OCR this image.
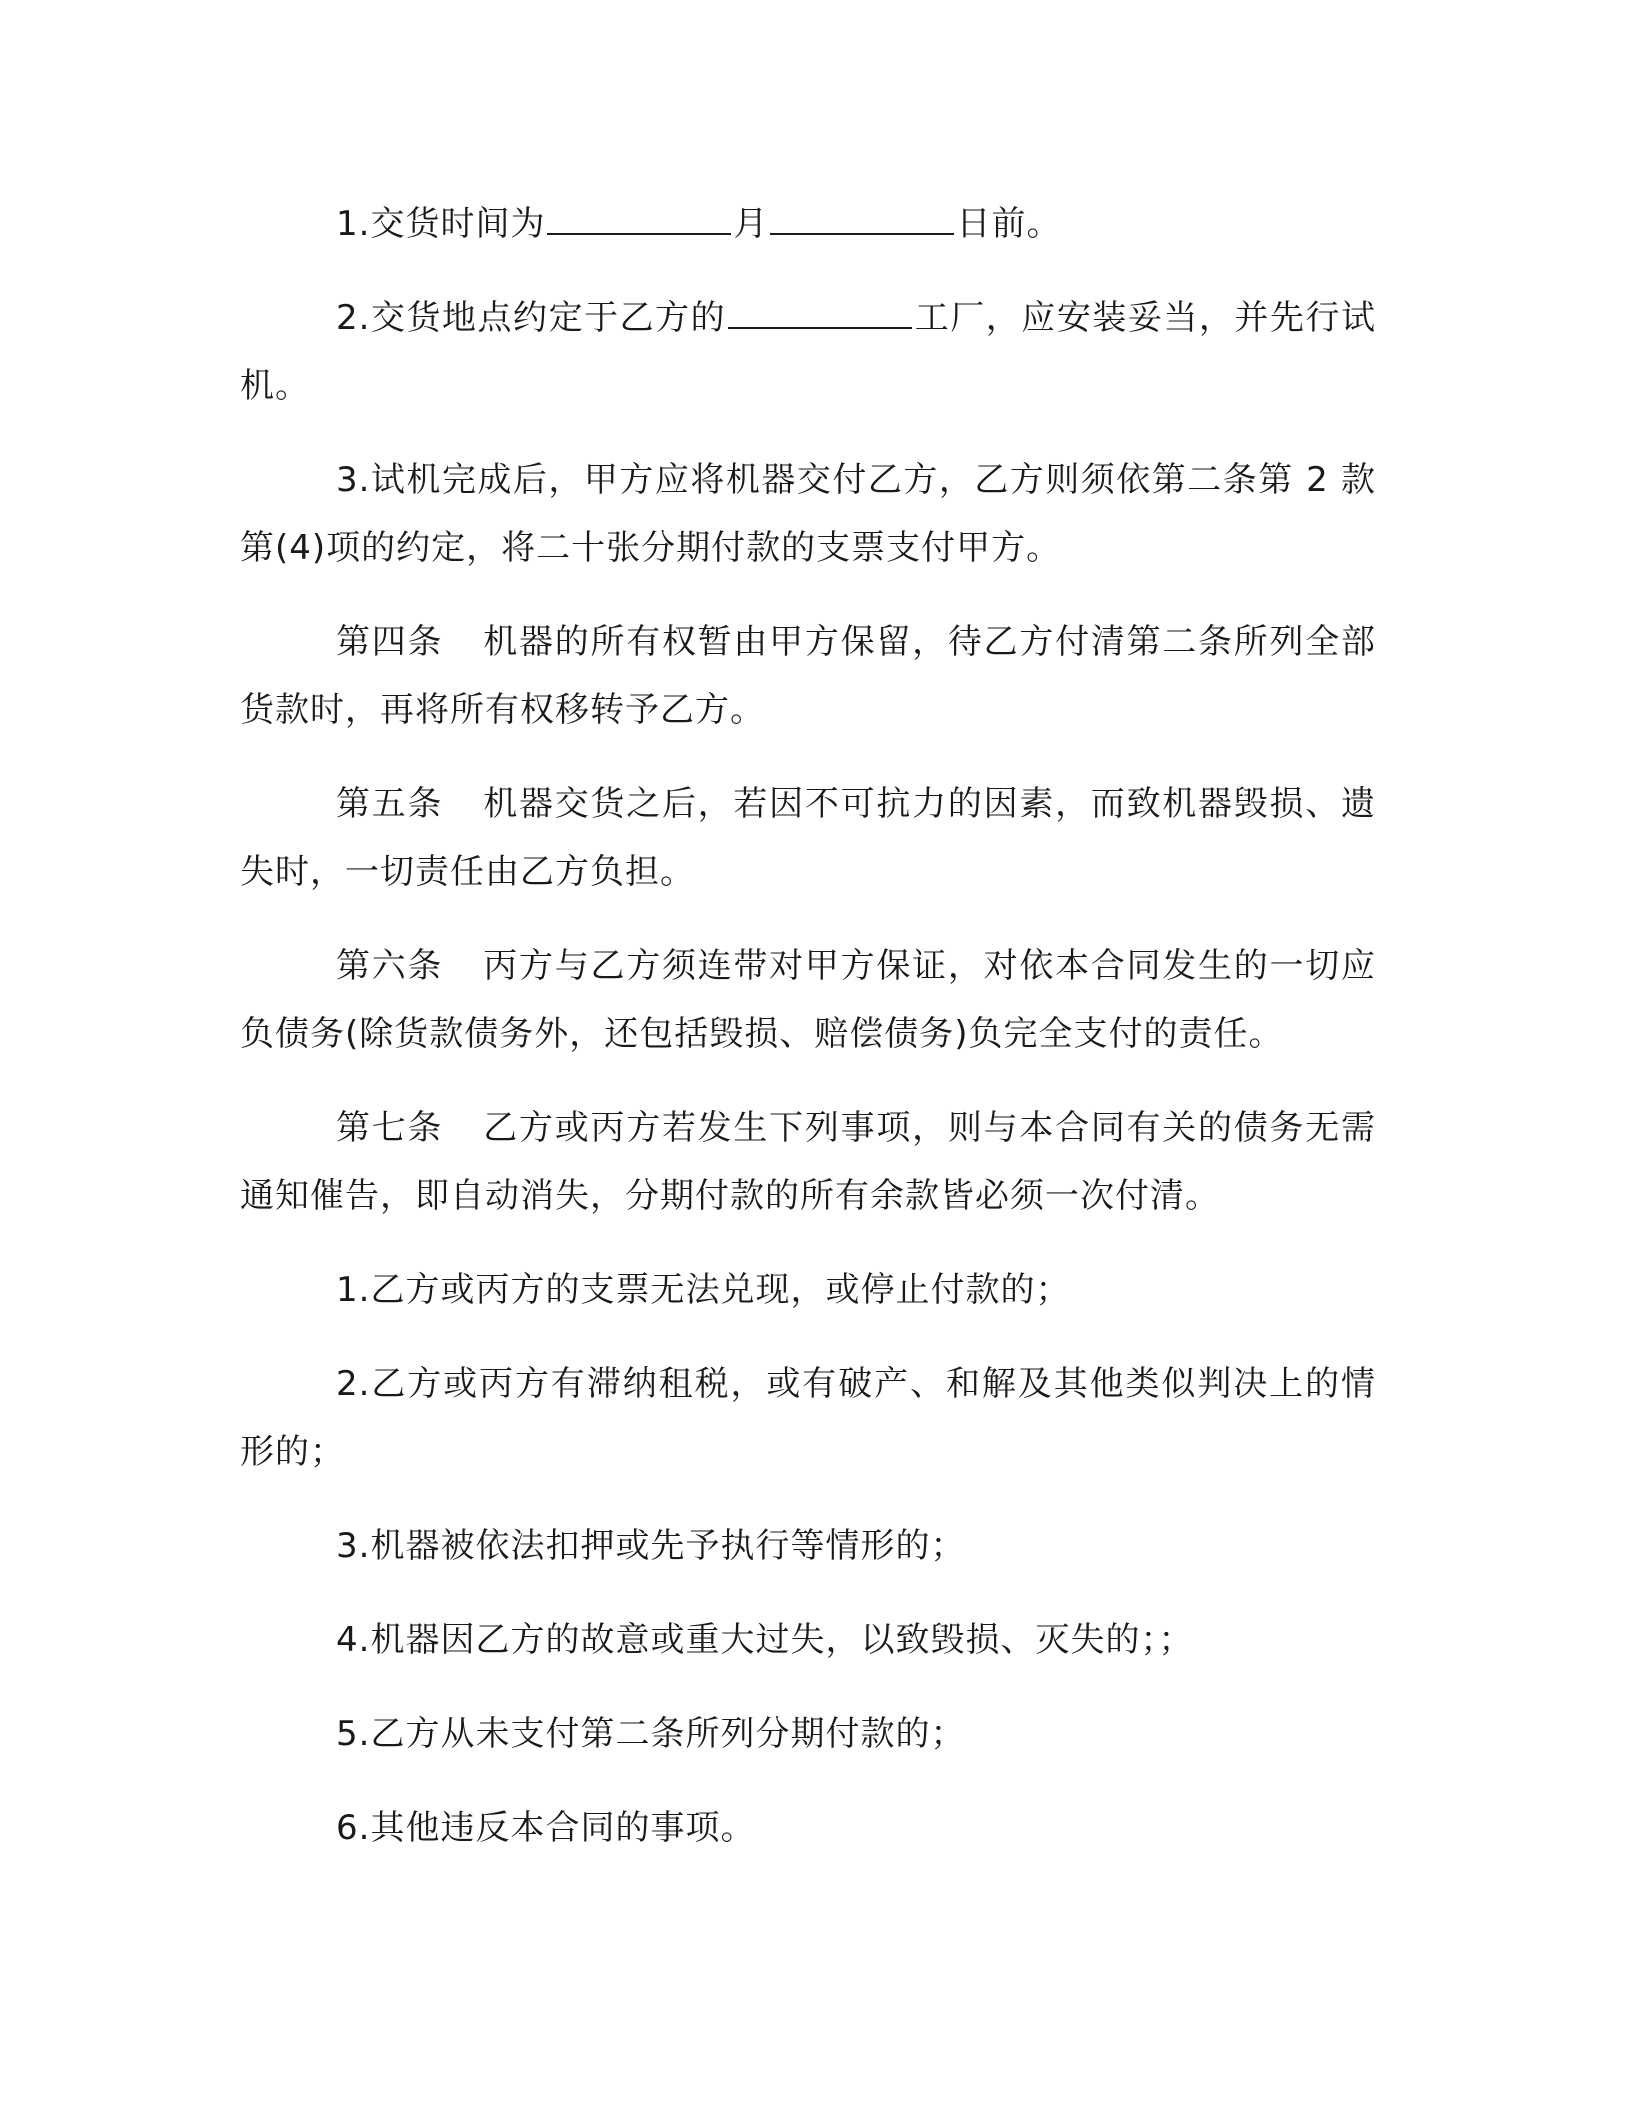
1.交货时间为	月	日前。

2.交货地点约定于乙方的	工厂，应安装妥当，并先行试机。

3.试机完成后，甲方应将机器交付乙方，乙方则须依第二条第 2 款第(4)项的约定，将二十张分期付款的支票支付甲方。

第四条 机器的所有权暂由甲方保留，待乙方付清第二条所列全部货款时，再将所有权移转予乙方。

第五条 机器交货之后，若因不可抗力的因素，而致机器毁损、遗失时，一切责任由乙方负担。

第六条 丙方与乙方须连带对甲方保证，对依本合同发生的一切应负债务(除货款债务外，还包括毁损、赔偿债务)负完全支付的责任。

第七条 乙方或丙方若发生下列事项，则与本合同有关的债务无需通知催告，即自动消失，分期付款的所有余款皆必须一次付清。

1.乙方或丙方的支票无法兑现，或停止付款的；

2.乙方或丙方有滞纳租税，或有破产、和解及其他类似判决上的情形的；

3.机器被依法扣押或先予执行等情形的；

4.机器因乙方的故意或重大过失，以致毁损、灭失的；；

5.乙方从未支付第二条所列分期付款的；

6.其他违反本合同的事项。
